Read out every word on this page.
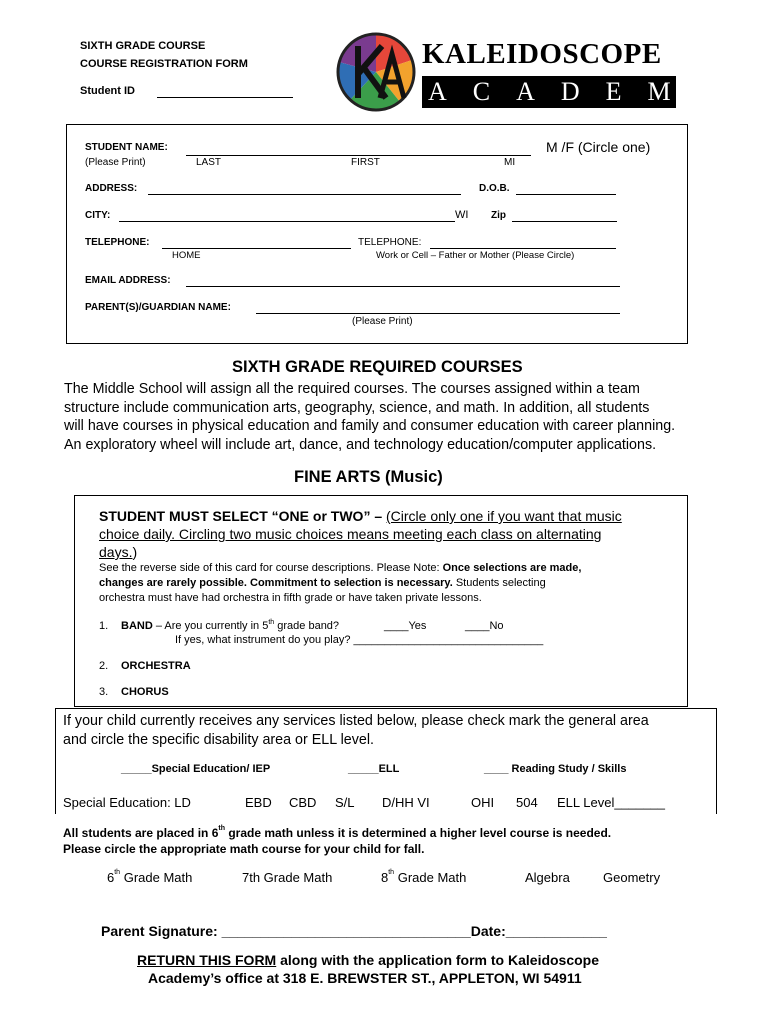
SIXTH GRADE COURSE
COURSE REGISTRATION FORM
Student ID
KALEIDOSCOPE
ACADEMY
STUDENT NAME:	M /F (Circle one)
(Please Print)	LAST	FIRST	MI
ADDRESS:	D.O.B.
CITY:	WI Zip
TELEPHONE:	TELEPHONE:
HOME	Work or Cell – Father or Mother (Please Circle)
EMAIL ADDRESS:
PARENT(S)/GUARDIAN NAME:
(Please Print)
SIXTH GRADE REQUIRED COURSES
The Middle School will assign all the required courses. The courses assigned within a team
structure include communication arts, geography, science, and math. In addition, all students
will have courses in physical education and family and consumer education with career planning.
An exploratory wheel will include art, dance, and technology education/computer applications.
FINE ARTS (Music)
STUDENT MUST SELECT “ONE or TWO” – (Circle only one if you want that music
choice daily. Circling two music choices means meeting each class on alternating
days.)
See the reverse side of this card for course descriptions. Please Note: Once selections are made,
changes are rarely possible. Commitment to selection is necessary. Students selecting
orchestra must have had orchestra in fifth grade or have taken private lessons.
1. BAND – Are you currently in 5th grade band?	____Yes	____No
If yes, what instrument do you play? _______________________________
2. ORCHESTRA
3. CHORUS
If your child currently receives any services listed below, please check mark the general area
and circle the specific disability area or ELL level.
_____Special Education/ IEP	_____ELL	____ Reading Study / Skills
Special Education: LD	EBD CBD S/L D/HH VI	OHI 504 ELL Level_______
All students are placed in 6th grade math unless it is determined a higher level course is needed.
Please circle the appropriate math course for your child for fall.
6th Grade Math	7th Grade Math	8th Grade Math	Algebra	Geometry
Parent Signature: ________________________________Date:_____________
RETURN THIS FORM along with the application form to Kaleidoscope
Academy’s office at 318 E. BREWSTER ST., APPLETON, WI 54911
